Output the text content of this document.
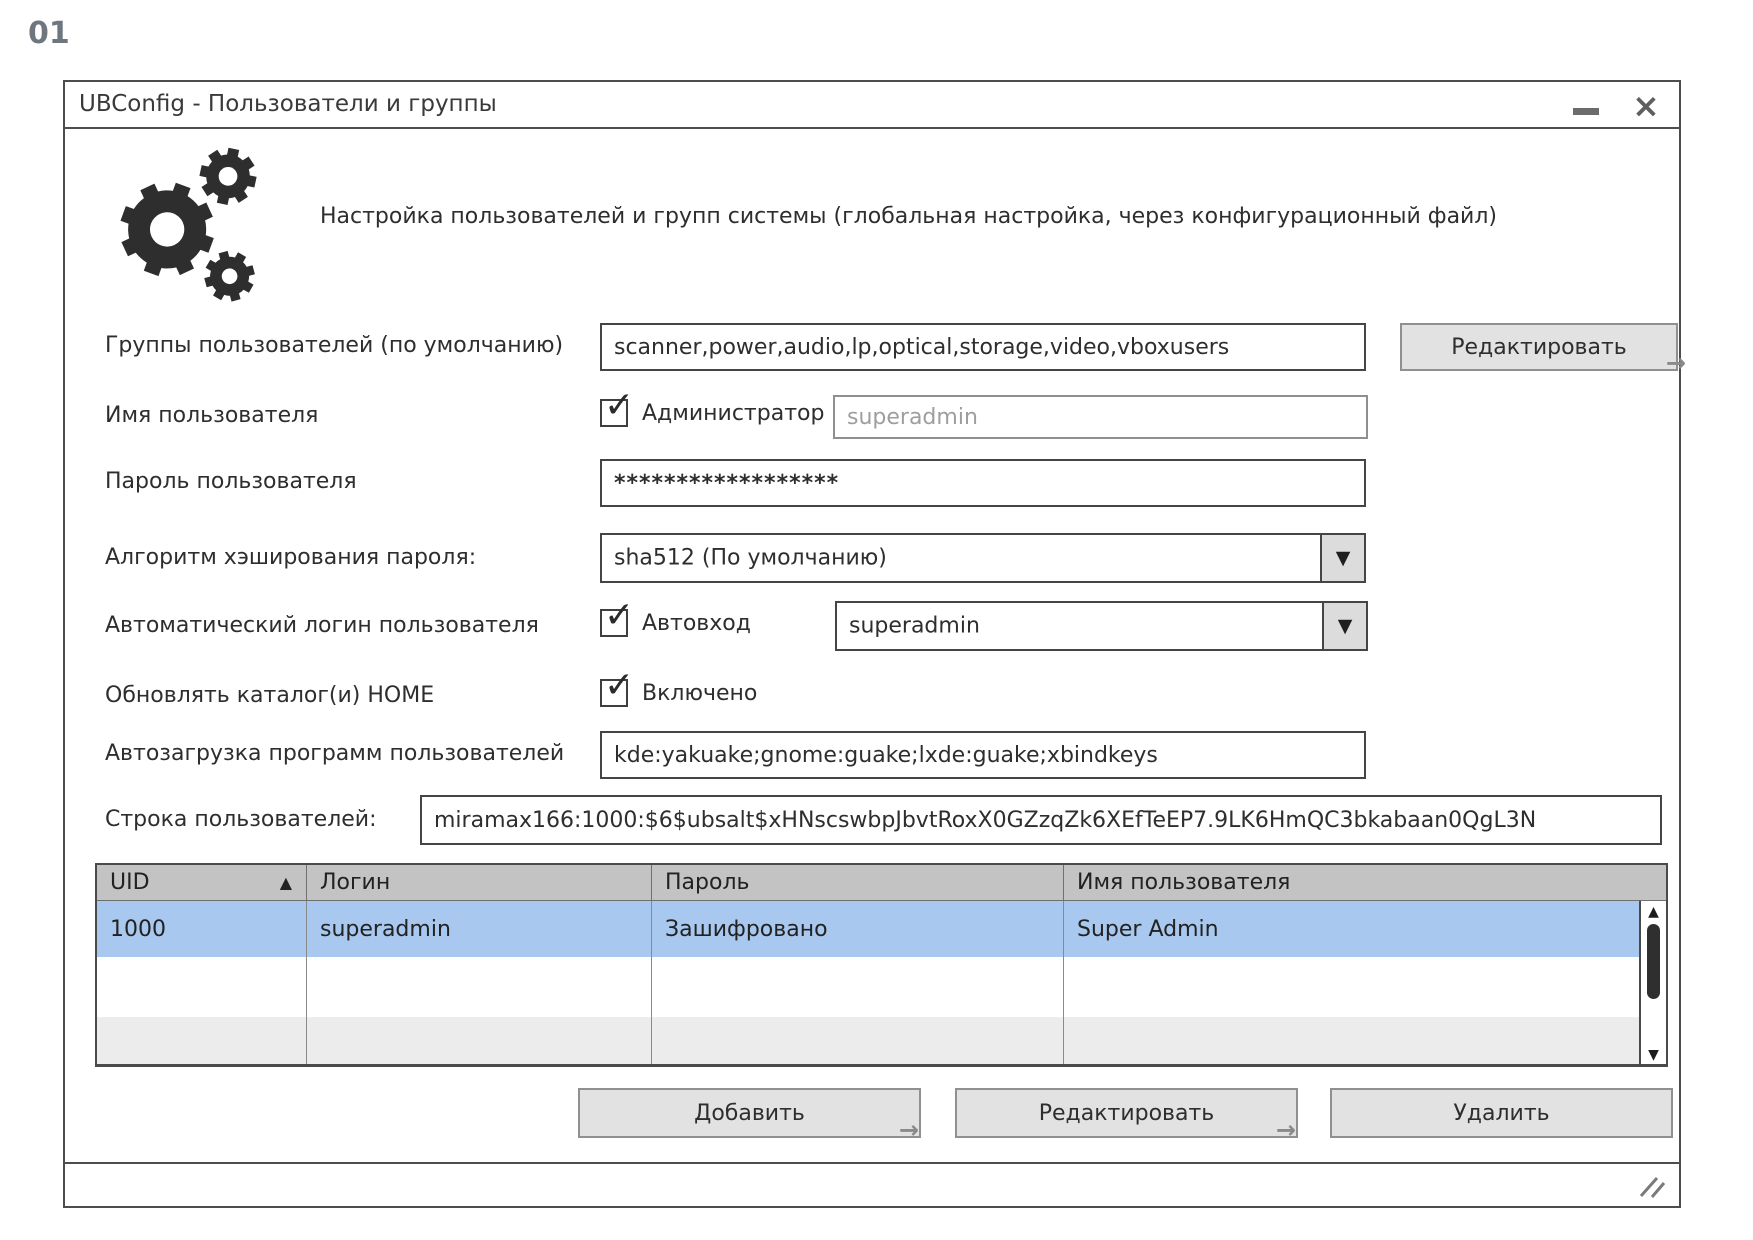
01
UBConfig - Пользователи и группы	×
Настройка пользователей и групп системы (глобальная настройка, через конфигурационный файл)
Группы пользователей (по умолчанию)
scanner,power,audio,lp,optical,storage,video,vboxusers	Редактировать
→
Имя пользователя	✓ Администратор
superadmin
Пароль пользователя
******************
Алгоритм хэширования пароля:	sha512 (По умолчанию)	▼
Автоматический логин пользователя ✓ Автовход	superadmin	▼
Обновлять каталог(и) HOME	✓ Включено
Автозагрузка программ пользователей
kde:yakuake;gnome:guake;lxde:guake;xbindkeys
Строка пользователей:
miramax166:1000:$6$ubsalt$xHNscswbpJbvtRoxX0GZzqZk6XEfTeEP7.9LK6HmQC3bkabaan0QgL3N
UID	▲	Логин	Пароль	Имя пользователя
1000	superadmin	Зашифровано	Super Admin
▲
▼
Добавить
→
Редактировать
→
Удалить
